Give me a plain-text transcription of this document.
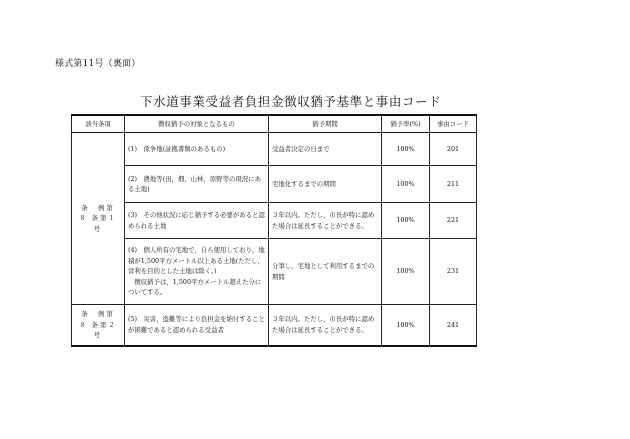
様式第11号（裏面）
下水道事業受益者負担金徴収猶予基準と事由コード
該当条項	徴収猶予の対象となるもの	猶予期間	猶予率(%)	事由コード

条　例第
８ 条第１
号	(1)　係争地(証拠書類のあるもの)	受益者決定の日まで	100%	201
	(2)　農地等(田，畑，山林，原野等の現況にある土地)	宅地化するまでの期間	100%	211
	(3)　その他状況に応じ猶予する必要があると認められる土地	３年以内。ただし，市長が特に認めた場合は延長することができる。	100%	221
	(4)　個人所有の宅地で，自ら使用しており，地積が1,500平方メートル以上ある土地(ただし，営利を目的とした土地は除く。)
　徴収猶予は，1,500平方メートル超えた分についてする。	分筆し，宅地として利用するまでの期間	100%	231

条　例第
８ 条第２
号	(5)　災害，盗難等により負担金を納付することが困難であると認められる受益者	３年以内。ただし，市長が特に認めた場合は延長することができる。	100%	241
